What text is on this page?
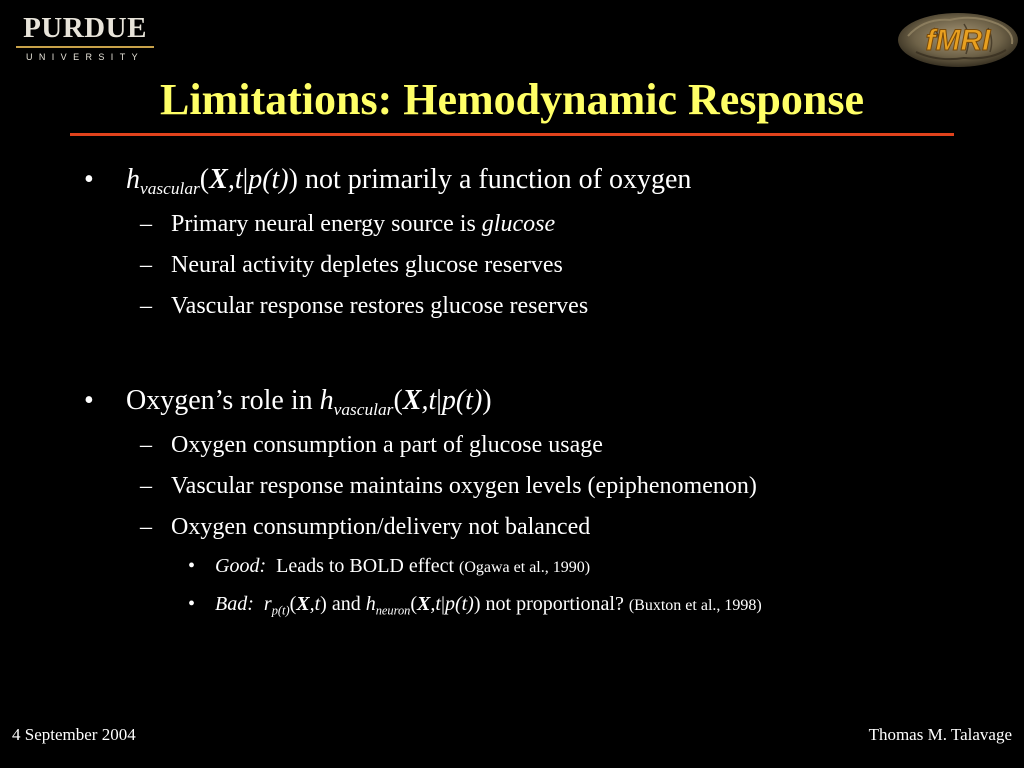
PURDUE
UNIVERSITY	fMRI
Limitations: Hemodynamic Response
• $h_{vascular}(X,t|p(t))$ not primarily a function of oxygen
– Primary neural energy source is glucose
– Neural activity depletes glucose reserves
– Vascular response restores glucose reserves
• Oxygen’s role in $h_{vascular}(X,t|p(t))$
– Oxygen consumption a part of glucose usage
– Vascular response maintains oxygen levels (epiphenomenon)
– Oxygen consumption/delivery not balanced
• Good:  Leads to BOLD effect (Ogawa et al., 1990)
• Bad: $r_{p(t)}(X,t)$ and $h_{neuron}(X,t|p(t))$ not proportional? (Buxton et al., 1998)
4 September 2004	Thomas M. Talavage
